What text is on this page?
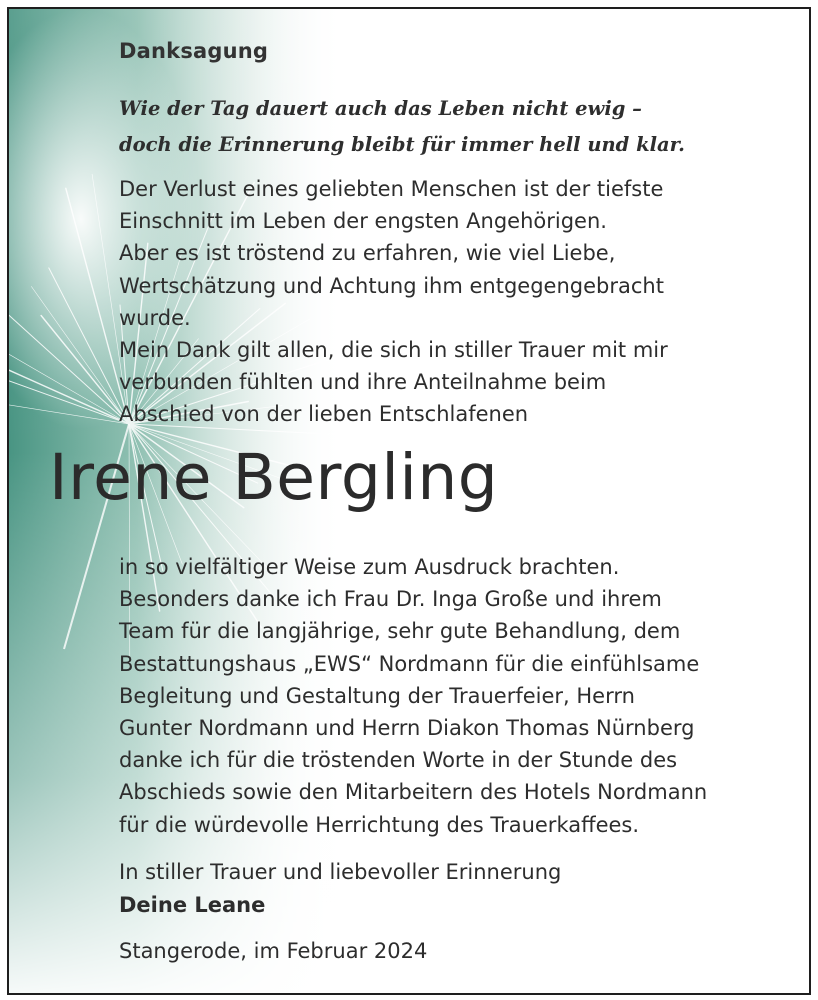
Danksagung
Wie der Tag dauert auch das Leben nicht ewig –
doch die Erinnerung bleibt für immer hell und klar.
Der Verlust eines geliebten Menschen ist der tiefste
Einschnitt im Leben der engsten Angehörigen.
Aber es ist tröstend zu erfahren, wie viel Liebe,
Wertschätzung und Achtung ihm entgegengebracht
wurde.
Mein Dank gilt allen, die sich in stiller Trauer mit mir
verbunden fühlten und ihre Anteilnahme beim
Abschied von der lieben Entschlafenen
Irene Bergling
in so vielfältiger Weise zum Ausdruck brachten.
Besonders danke ich Frau Dr. Inga Große und ihrem
Team für die langjährige, sehr gute Behandlung, dem
Bestattungshaus „EWS“ Nordmann für die einfühlsame
Begleitung und Gestaltung der Trauerfeier, Herrn
Gunter Nordmann und Herrn Diakon Thomas Nürnberg
danke ich für die tröstenden Worte in der Stunde des
Abschieds sowie den Mitarbeitern des Hotels Nordmann
für die würdevolle Herrichtung des Trauerkaffees.
In stiller Trauer und liebevoller Erinnerung
Deine Leane
Stangerode, im Februar 2024
